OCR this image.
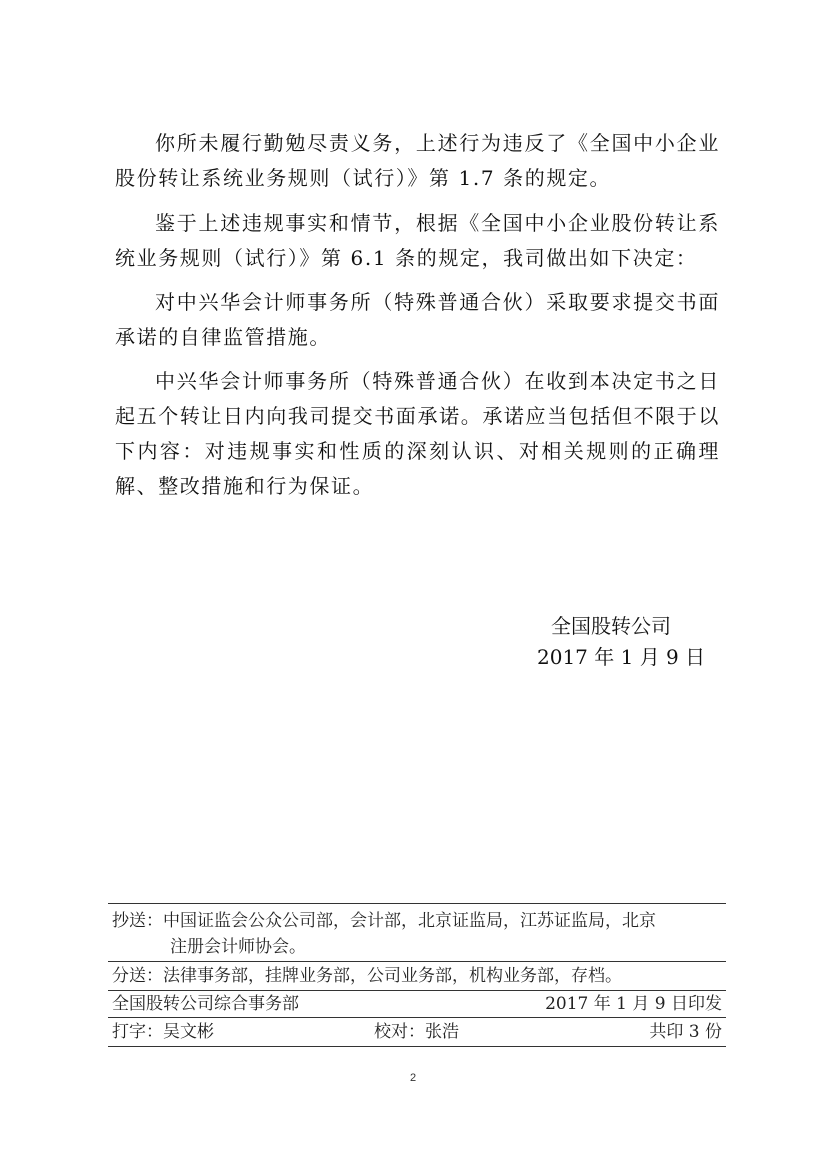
你所未履行勤勉尽责义务，上述行为违反了《全国中小企业股份转让系统业务规则（试行）》第 1.7 条的规定。

鉴于上述违规事实和情节，根据《全国中小企业股份转让系统业务规则（试行）》第 6.1 条的规定，我司做出如下决定：

对中兴华会计师事务所（特殊普通合伙）采取要求提交书面承诺的自律监管措施。

中兴华会计师事务所（特殊普通合伙）在收到本决定书之日起五个转让日内向我司提交书面承诺。承诺应当包括但不限于以下内容：对违规事实和性质的深刻认识、对相关规则的正确理解、整改措施和行为保证。

全国股转公司
2017 年 1 月 9 日
抄送：中国证监会公众公司部，会计部，北京证监局，江苏证监局，北京
注册会计师协会。
分送：法律事务部，挂牌业务部，公司业务部，机构业务部，存档。
全国股转公司综合事务部	2017 年 1 月 9 日印发
打字：吴文彬	校对：张浩	共印 3 份
2
